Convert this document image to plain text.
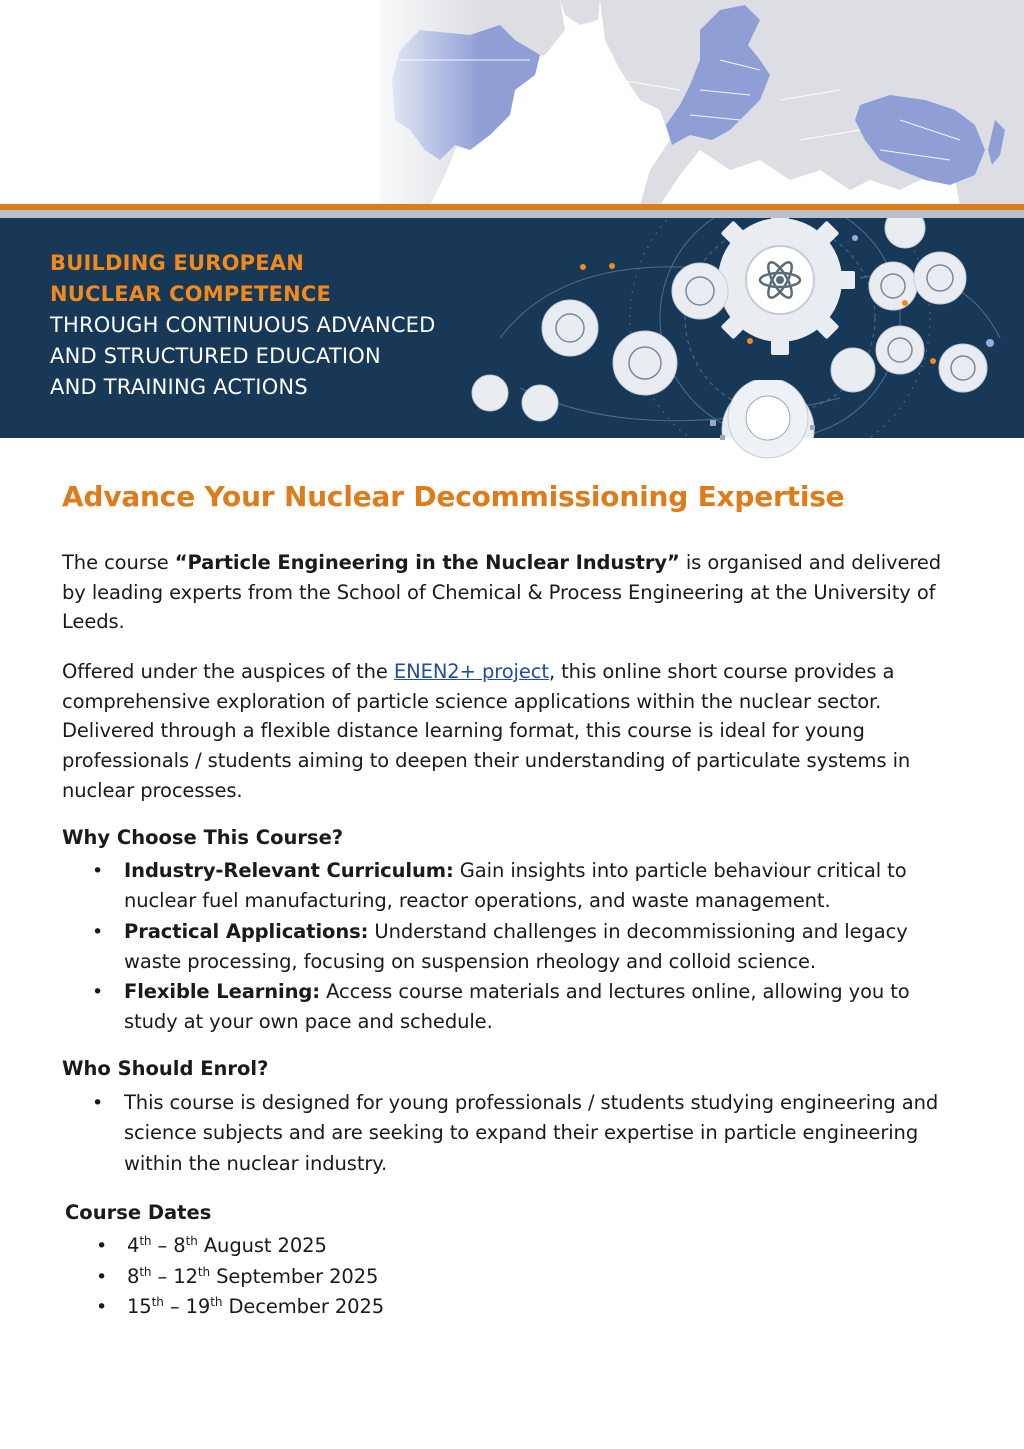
BUILDING EUROPEAN
NUCLEAR COMPETENCE
THROUGH CONTINUOUS ADVANCED
AND STRUCTURED EDUCATION
AND TRAINING ACTIONS
Advance Your Nuclear Decommissioning Expertise

The course “Particle Engineering in the Nuclear Industry” is organised and delivered by leading experts from the School of Chemical & Process Engineering at the University of Leeds.

Offered under the auspices of the ENEN2+ project, this online short course provides a comprehensive exploration of particle science applications within the nuclear sector. Delivered through a flexible distance learning format, this course is ideal for young professionals / students aiming to deepen their understanding of particulate systems in nuclear processes.

Why Choose This Course?

• Industry-Relevant Curriculum: Gain insights into particle behaviour critical to nuclear fuel manufacturing, reactor operations, and waste management.
• Practical Applications: Understand challenges in decommissioning and legacy waste processing, focusing on suspension rheology and colloid science.
• Flexible Learning: Access course materials and lectures online, allowing you to study at your own pace and schedule.

Who Should Enrol?

• This course is designed for young professionals / students studying engineering and science subjects and are seeking to expand their expertise in particle engineering within the nuclear industry.

Course Dates

• 4th – 8th August 2025
• 8th – 12th September 2025
• 15th – 19th December 2025
